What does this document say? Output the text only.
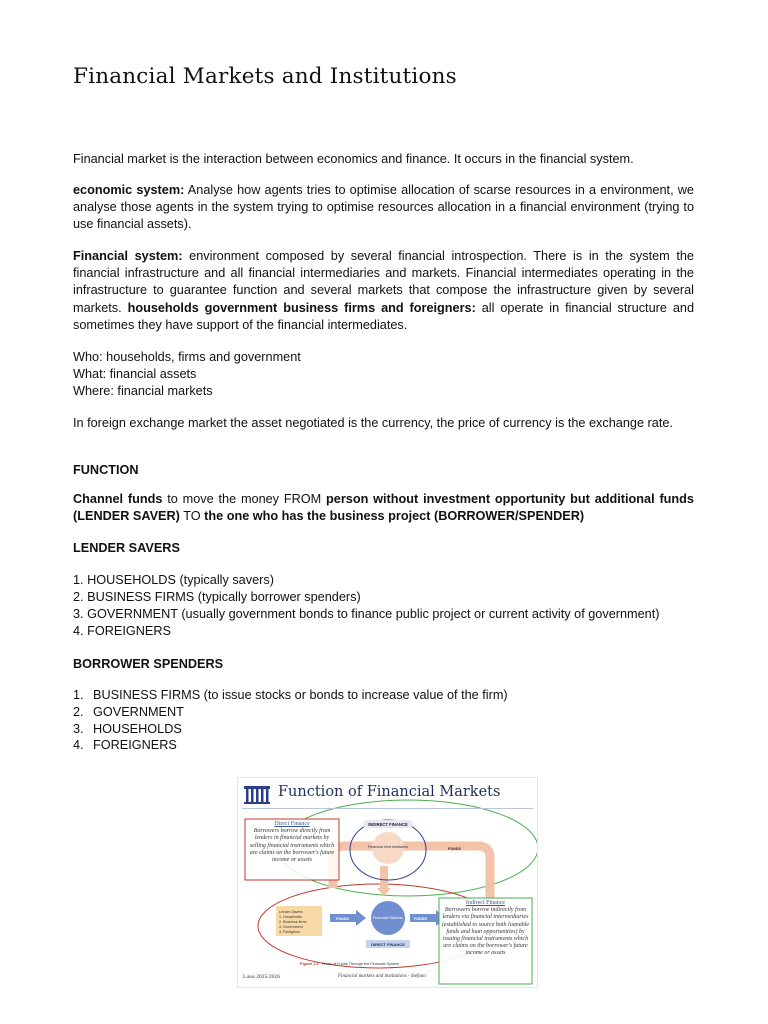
Financial Markets and Institutions

Financial market is the interaction between economics and finance. It occurs in the financial system.

economic system: Analyse how agents tries to optimise allocation of scarse resources in a environment, we analyse those agents in the system trying to optimise resources allocation in a financial environment (trying to use financial assets).

Financial system: environment composed by several financial introspection. There is in the system the financial infrastructure and all financial intermediaries and markets. Financial intermediates operating in the infrastructure to guarantee function and several markets that compose the infrastructure given by several markets. households government business firms and foreigners: all operate in financial structure and sometimes they have support of the financial intermediates.

Who: households, firms and government

What: financial assets

Where: financial markets

In foreign exchange market the asset negotiated is the currency, the price of currency is the exchange rate.

FUNCTION

Channel funds to move the money FROM person without investment opportunity but additional funds (LENDER SAVER) TO the one who has the business project (BORROWER/SPENDER)

LENDER SAVERS

1. HOUSEHOLDS (typically savers)

2. BUSINESS FIRMS (typically borrower spenders)

3. GOVERNMENT (usually government bonds to finance public project or current activity of government)

4. FOREIGNERS

BORROWER SPENDERS

1. BUSINESS FIRMS (to issue stocks or bonds to increase value of the firm)

2. GOVERNMENT

3. HOUSEHOLDS

4. FOREIGNERS

INDIRECT FINANCE
Financial Intermediaries
Financial Markets
FUNDS
FUNDS	FUNDS
DIRECT FINANCE
Lender-Savers
1. Households
2. Business firms
3. Government
4. Foreigners
Figure 2.1 Flows of Funds Through the Financial System
Function of Financial Markets
Direct Finance
Borrowers borrow directly from lenders in financial markets by selling financial instruments which are claims on the borrower's future income or assets
Indirect Finance
Borrowers borrow indirectly from lenders via financial intermediaries (established to source both loanable funds and loan opportunities) by issuing financial instruments which are claims on the borrower's future income or assets
Luiss 2025/2026	Financial markets and institutions - Stefano
